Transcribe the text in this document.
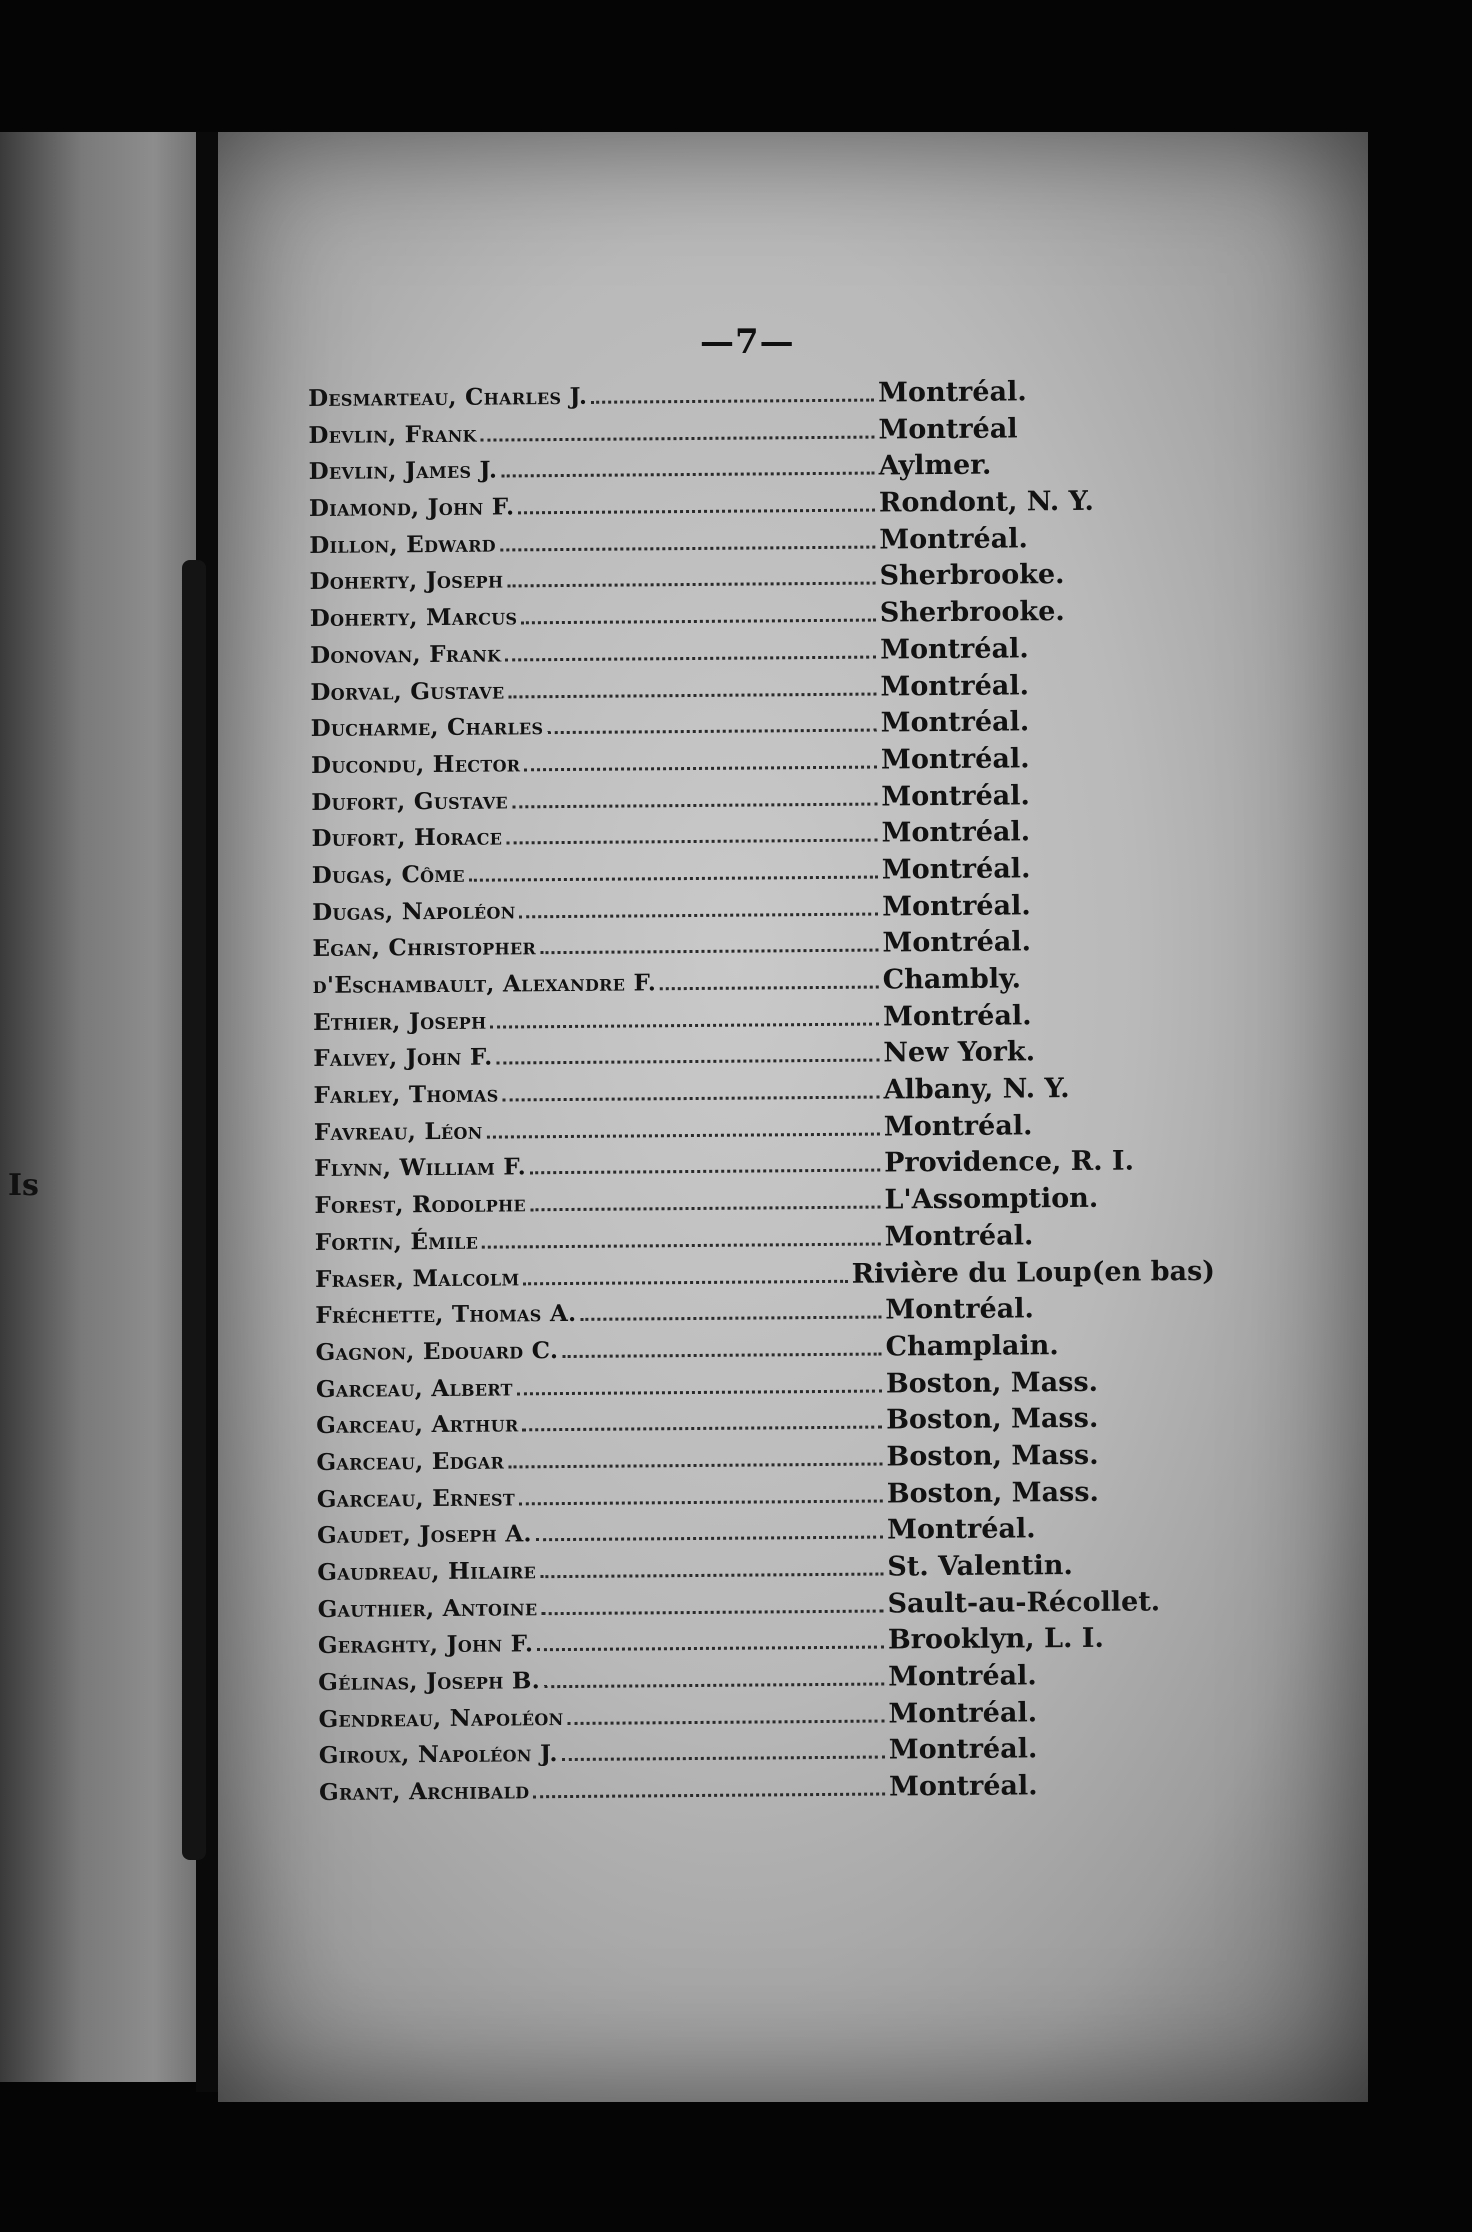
Is
—7—
Desmarteau, Charles J.	Montréal.
Devlin, Frank	Montréal
Devlin, James J.	Aylmer.
Diamond, John F.	Rondont, N. Y.
Dillon, Edward	Montréal.
Doherty, Joseph	Sherbrooke.
Doherty, Marcus	Sherbrooke.
Donovan, Frank	Montréal.
Dorval, Gustave	Montréal.
Ducharme, Charles	Montréal.
Ducondu, Hector	Montréal.
Dufort, Gustave	Montréal.
Dufort, Horace	Montréal.
Dugas, Côme	Montréal.
Dugas, Napoléon	Montréal.
Egan, Christopher	Montréal.
d'Eschambault, Alexandre F.	Chambly.
Ethier, Joseph	Montréal.
Falvey, John F.	New York.
Farley, Thomas	Albany, N. Y.
Favreau, Léon	Montréal.
Flynn, William F.	Providence, R. I.
Forest, Rodolphe	L'Assomption.
Fortin, Émile	Montréal.
Fraser, Malcolm	Rivière du Loup(en bas)
Fréchette, Thomas A.	Montréal.
Gagnon, Edouard C.	Champlain.
Garceau, Albert	Boston, Mass.
Garceau, Arthur	Boston, Mass.
Garceau, Edgar	Boston, Mass.
Garceau, Ernest	Boston, Mass.
Gaudet, Joseph A.	Montréal.
Gaudreau, Hilaire	St. Valentin.
Gauthier, Antoine	Sault-au-Récollet.
Geraghty, John F.	Brooklyn, L. I.
Gélinas, Joseph B.	Montréal.
Gendreau, Napoléon	Montréal.
Giroux, Napoléon J.	Montréal.
Grant, Archibald	Montréal.
